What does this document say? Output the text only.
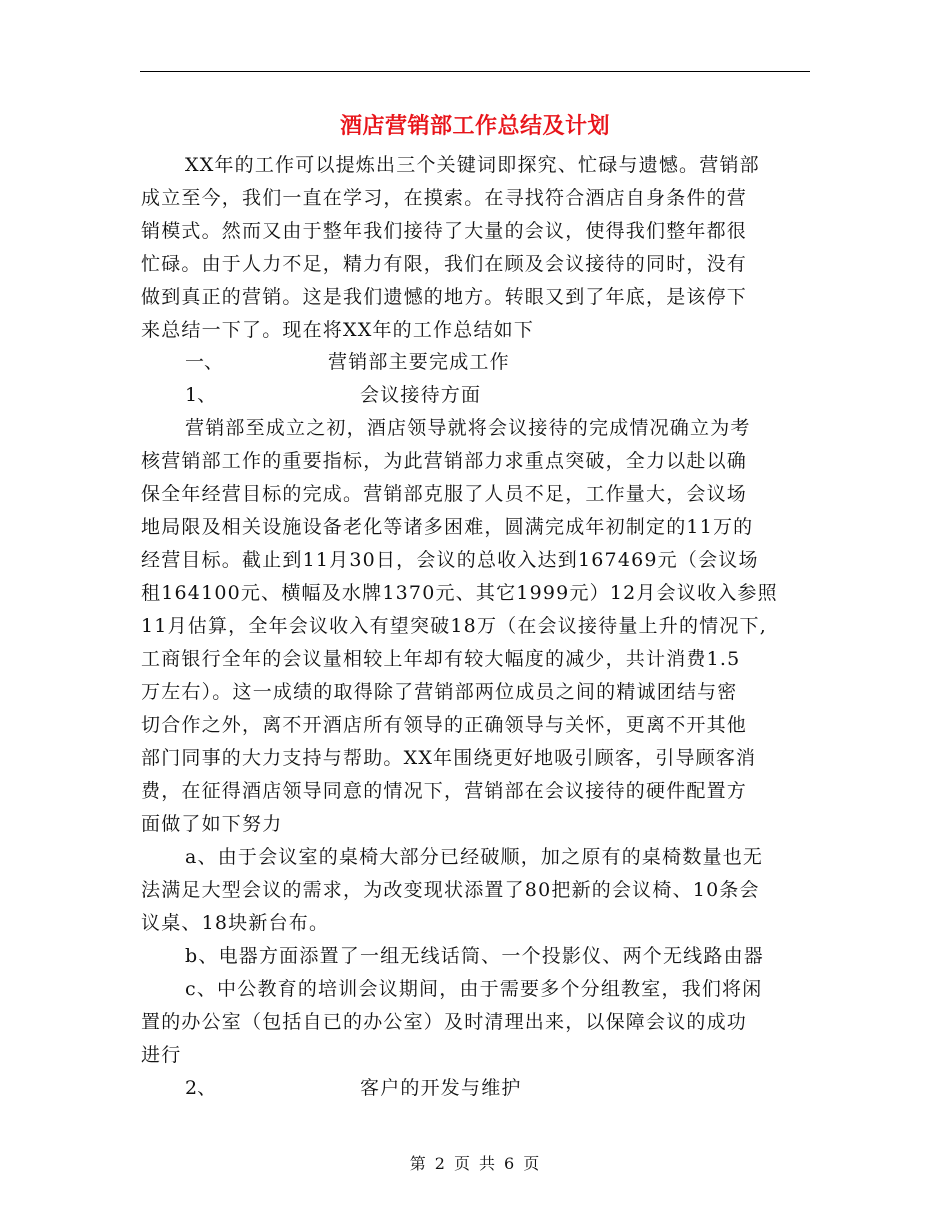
酒店营销部工作总结及计划
XX年的工作可以提炼出三个关键词即探究、忙碌与遗憾。营销部
成立至今，我们一直在学习，在摸索。在寻找符合酒店自身条件的营
销模式。然而又由于整年我们接待了大量的会议，使得我们整年都很
忙碌。由于人力不足，精力有限，我们在顾及会议接待的同时，没有
做到真正的营销。这是我们遗憾的地方。转眼又到了年底，是该停下
来总结一下了。现在将XX年的工作总结如下
一、	营销部主要完成工作
1、	会议接待方面
营销部至成立之初，酒店领导就将会议接待的完成情况确立为考
核营销部工作的重要指标，为此营销部力求重点突破，全力以赴以确
保全年经营目标的完成。营销部克服了人员不足，工作量大，会议场
地局限及相关设施设备老化等诸多困难，圆满完成年初制定的11万的
经营目标。截止到11月30日，会议的总收入达到167469元（会议场
租164100元、横幅及水牌1370元、其它1999元）12月会议收入参照
11月估算，全年会议收入有望突破18万（在会议接待量上升的情况下,
工商银行全年的会议量相较上年却有较大幅度的减少，共计消费1.5
万左右）。这一成绩的取得除了营销部两位成员之间的精诚团结与密
切合作之外，离不开酒店所有领导的正确领导与关怀，更离不开其他
部门同事的大力支持与帮助。XX年围绕更好地吸引顾客，引导顾客消
费，在征得酒店领导同意的情况下，营销部在会议接待的硬件配置方
面做了如下努力
a、由于会议室的桌椅大部分已经破顺，加之原有的桌椅数量也无
法满足大型会议的需求，为改变现状添置了80把新的会议椅、10条会
议桌、18块新台布。
b、电器方面添置了一组无线话筒、一个投影仪、两个无线路由器
c、中公教育的培训会议期间，由于需要多个分组教室，我们将闲
置的办公室（包括自已的办公室）及时清理出来，以保障会议的成功
进行
2、	客户的开发与维护
第 2 页 共 6 页
